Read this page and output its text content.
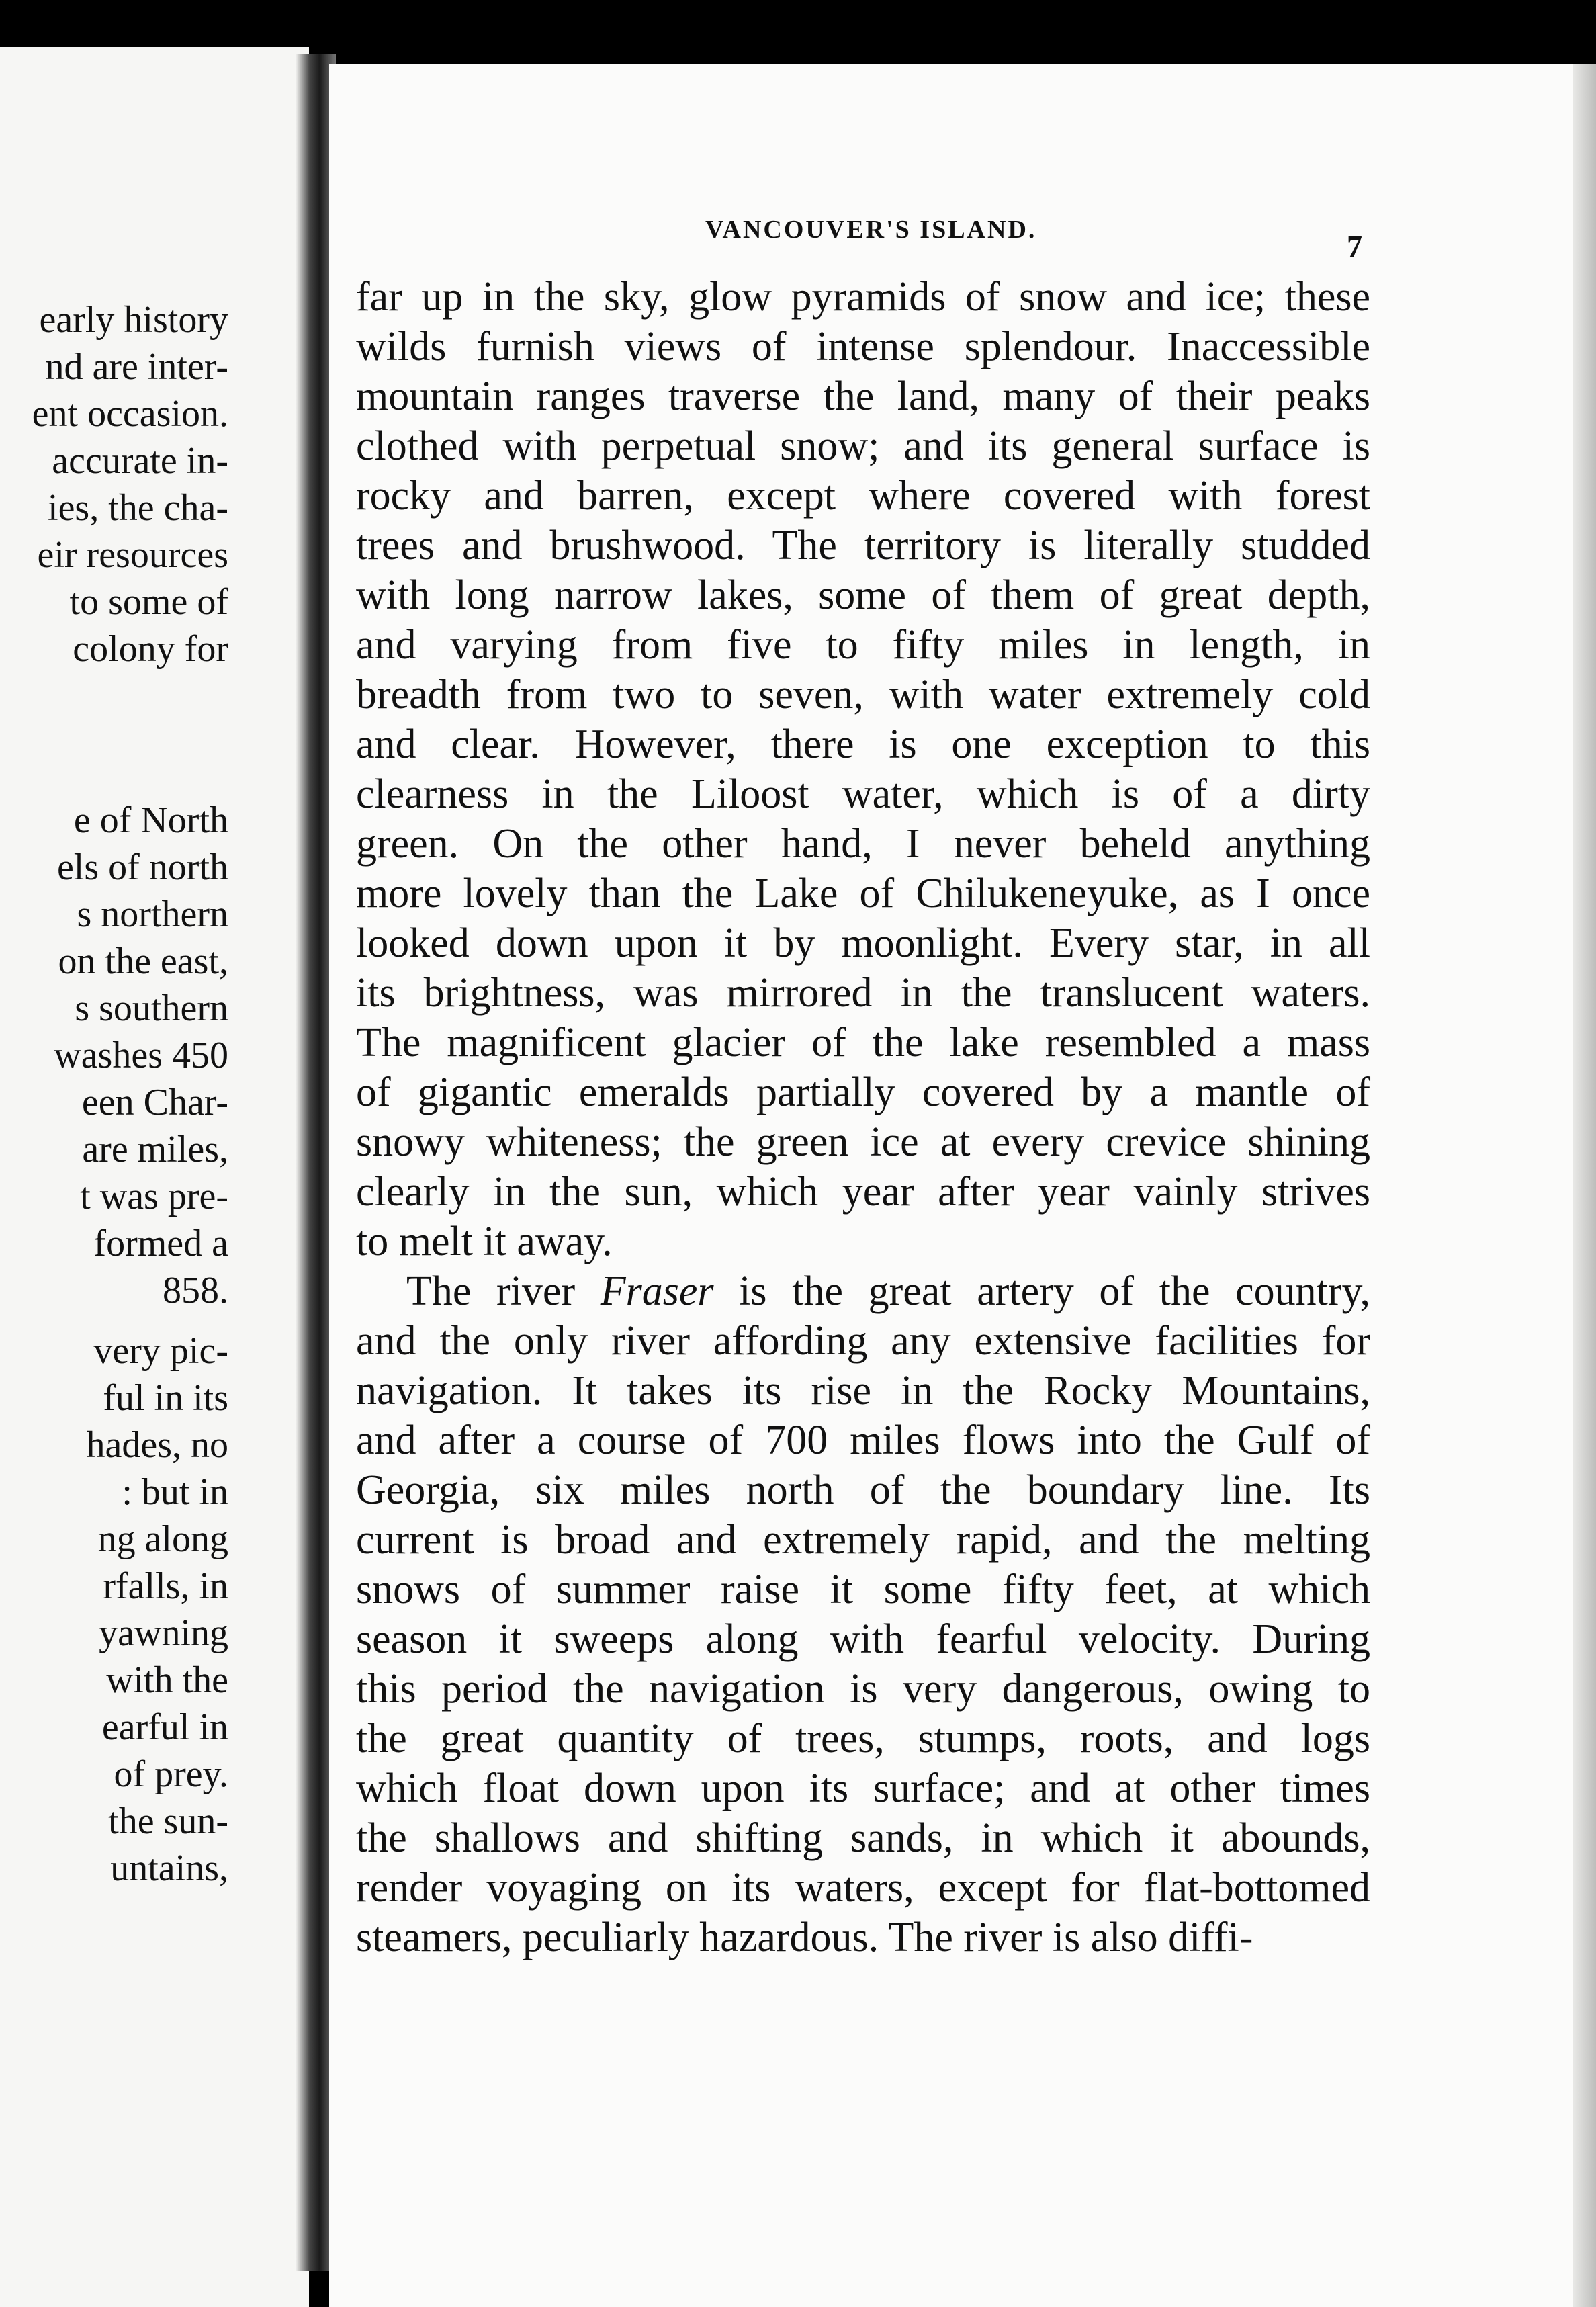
early history
nd are inter-
ent occasion.
accurate in-
ies, the cha-
eir resources
to some of
colony for
e of North
els of north
s northern
on the east,
s southern
washes 450
een Char-
are miles,
t was pre-
formed a
858.
very pic-
ful in its
hades, no
: but in
ng along
rfalls, in
yawning
with the
earful in
of prey.
the sun-
untains,
VANCOUVER'S ISLAND.	7
far up in the sky, glow pyramids of snow and ice; these
wilds furnish views of intense splendour. Inaccessible
mountain ranges traverse the land, many of their peaks
clothed with perpetual snow; and its general surface is
rocky and barren, except where covered with forest
trees and brushwood. The territory is literally studded
with long narrow lakes, some of them of great depth,
and varying from five to fifty miles in length, in
breadth from two to seven, with water extremely cold
and clear. However, there is one exception to this
clearness in the Liloost water, which is of a dirty
green. On the other hand, I never beheld anything
more lovely than the Lake of Chilukeneyuke, as I once
looked down upon it by moonlight. Every star, in all
its brightness, was mirrored in the translucent waters.
The magnificent glacier of the lake resembled a mass
of gigantic emeralds partially covered by a mantle of
snowy whiteness; the green ice at every crevice shining
clearly in the sun, which year after year vainly strives
to melt it away.
The river Fraser is the great artery of the country,
and the only river affording any extensive facilities for
navigation. It takes its rise in the Rocky Mountains,
and after a course of 700 miles flows into the Gulf of
Georgia, six miles north of the boundary line. Its
current is broad and extremely rapid, and the melting
snows of summer raise it some fifty feet, at which
season it sweeps along with fearful velocity. During
this period the navigation is very dangerous, owing to
the great quantity of trees, stumps, roots, and logs
which float down upon its surface; and at other times
the shallows and shifting sands, in which it abounds,
render voyaging on its waters, except for flat-bottomed
steamers, peculiarly hazardous. The river is also diffi-
